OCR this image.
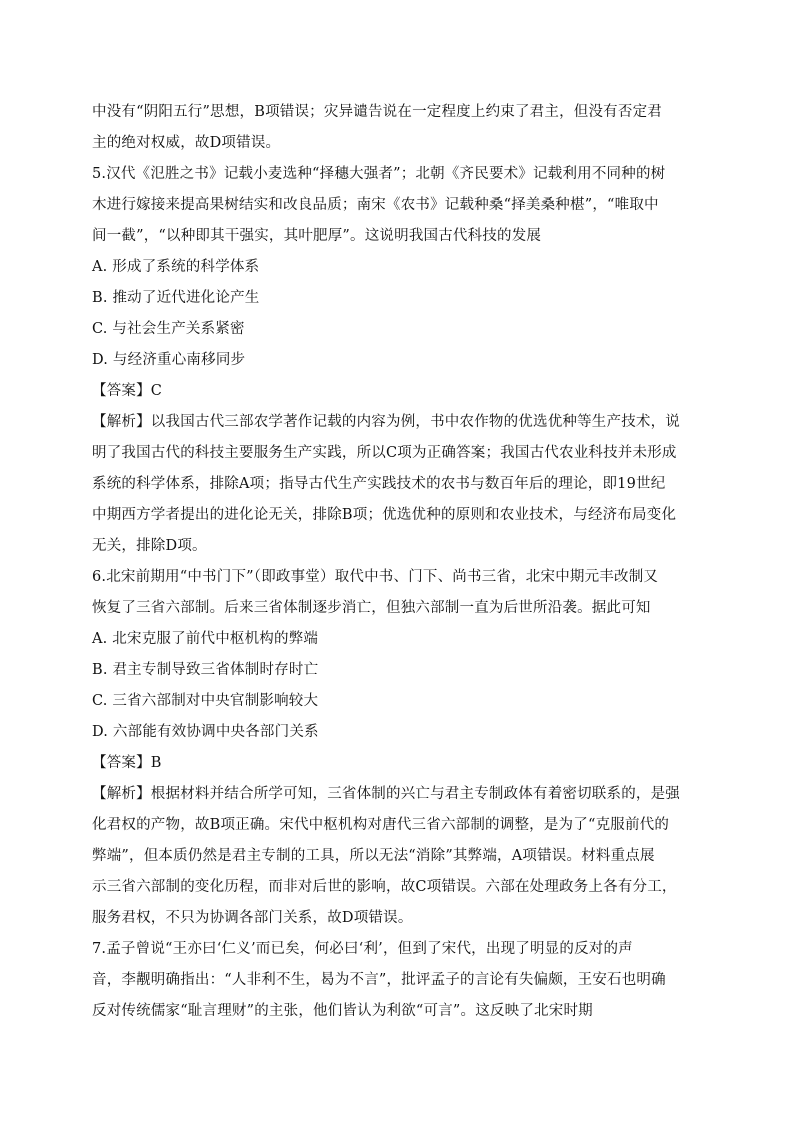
中没有“阴阳五行”思想，B项错误；灾异谴告说在一定程度上约束了君主，但没有否定君
主的绝对权威，故D项错误。
5.汉代《氾胜之书》记载小麦选种“择穗大强者”；北朝《齐民要术》记载利用不同种的树
木进行嫁接来提高果树结实和改良品质；南宋《农书》记载种桑“择美桑种椹”，“唯取中
间一截”，“以种即其干强实，其叶肥厚”。这说明我国古代科技的发展
A. 形成了系统的科学体系
B. 推动了近代进化论产生
C. 与社会生产关系紧密
D. 与经济重心南移同步
【答案】C
【解析】以我国古代三部农学著作记载的内容为例，书中农作物的优选优种等生产技术，说
明了我国古代的科技主要服务生产实践，所以C项为正确答案；我国古代农业科技并未形成
系统的科学体系，排除A项；指导古代生产实践技术的农书与数百年后的理论，即19世纪
中期西方学者提出的进化论无关，排除B项；优选优种的原则和农业技术，与经济布局变化
无关，排除D项。
6.北宋前期用“中书门下”（即政事堂）取代中书、门下、尚书三省，北宋中期元丰改制又
恢复了三省六部制。后来三省体制逐步消亡，但独六部制一直为后世所沿袭。据此可知
A. 北宋克服了前代中枢机构的弊端
B. 君主专制导致三省体制时存时亡
C. 三省六部制对中央官制影响较大
D. 六部能有效协调中央各部门关系
【答案】B
【解析】根据材料并结合所学可知，三省体制的兴亡与君主专制政体有着密切联系的，是强
化君权的产物，故B项正确。宋代中枢机构对唐代三省六部制的调整，是为了“克服前代的
弊端”，但本质仍然是君主专制的工具，所以无法“消除”其弊端，A项错误。材料重点展
示三省六部制的变化历程，而非对后世的影响，故C项错误。六部在处理政务上各有分工，
服务君权，不只为协调各部门关系，故D项错误。
7.孟子曾说“王亦曰‘仁义’而已矣，何必曰‘利’，但到了宋代，出现了明显的反对的声
音，李觏明确指出：“人非利不生，曷为不言”，批评孟子的言论有失偏颇，王安石也明确
反对传统儒家“耻言理财”的主张，他们皆认为利欲“可言”。这反映了北宋时期
